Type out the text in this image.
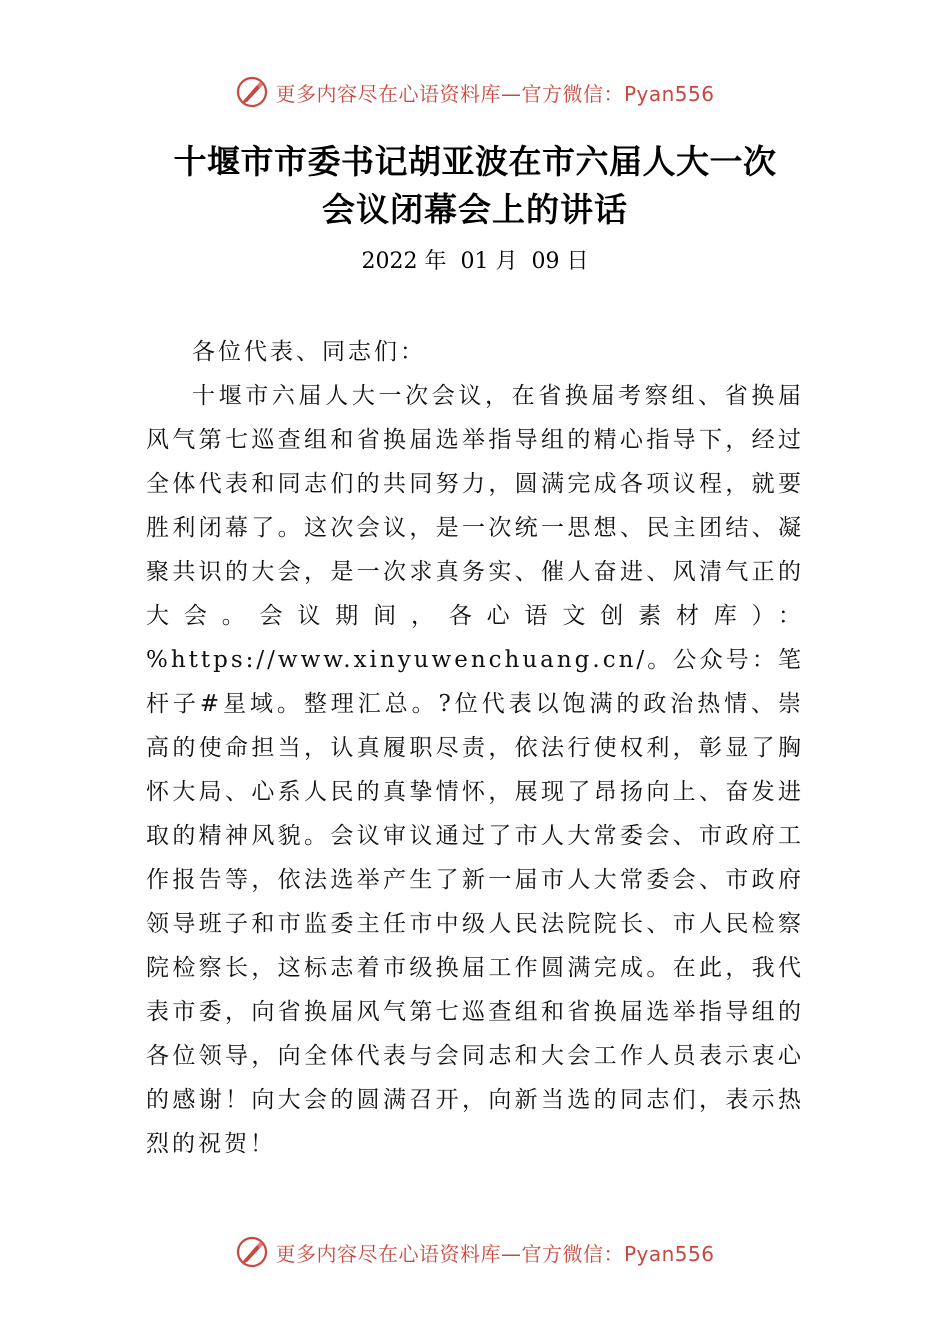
更多内容尽在心语资料库—官方微信：Pyan556
十堰市市委书记胡亚波在市六届人大一次
会议闭幕会上的讲话
2022 年  01 月  09 日

各位代表、同志们：

十堰市六届人大一次会议，在省换届考察组、省换届风气第七巡查组和省换届选举指导组的精心指导下，经过全体代表和同志们的共同努力，圆满完成各项议程，就要胜利闭幕了。这次会议，是一次统一思想、民主团结、凝聚共识的大会，是一次求真务实、催人奋进、风清气正的大会。会议期间，各心语文创素材库）：%https://www.xinyuwenchuang.cn/。公众号：笔杆子#星域。整理汇总。?位代表以饱满的政治热情、崇高的使命担当，认真履职尽责，依法行使权利，彰显了胸怀大局、心系人民的真挚情怀，展现了昂扬向上、奋发进取的精神风貌。会议审议通过了市人大常委会、市政府工作报告等，依法选举产生了新一届市人大常委会、市政府领导班子和市监委主任市中级人民法院院长、市人民检察院检察长，这标志着市级换届工作圆满完成。在此，我代表市委，向省换届风气第七巡查组和省换届选举指导组的各位领导，向全体代表与会同志和大会工作人员表示衷心的感谢！向大会的圆满召开，向新当选的同志们，表示热烈的祝贺！

更多内容尽在心语资料库—官方微信：Pyan556
